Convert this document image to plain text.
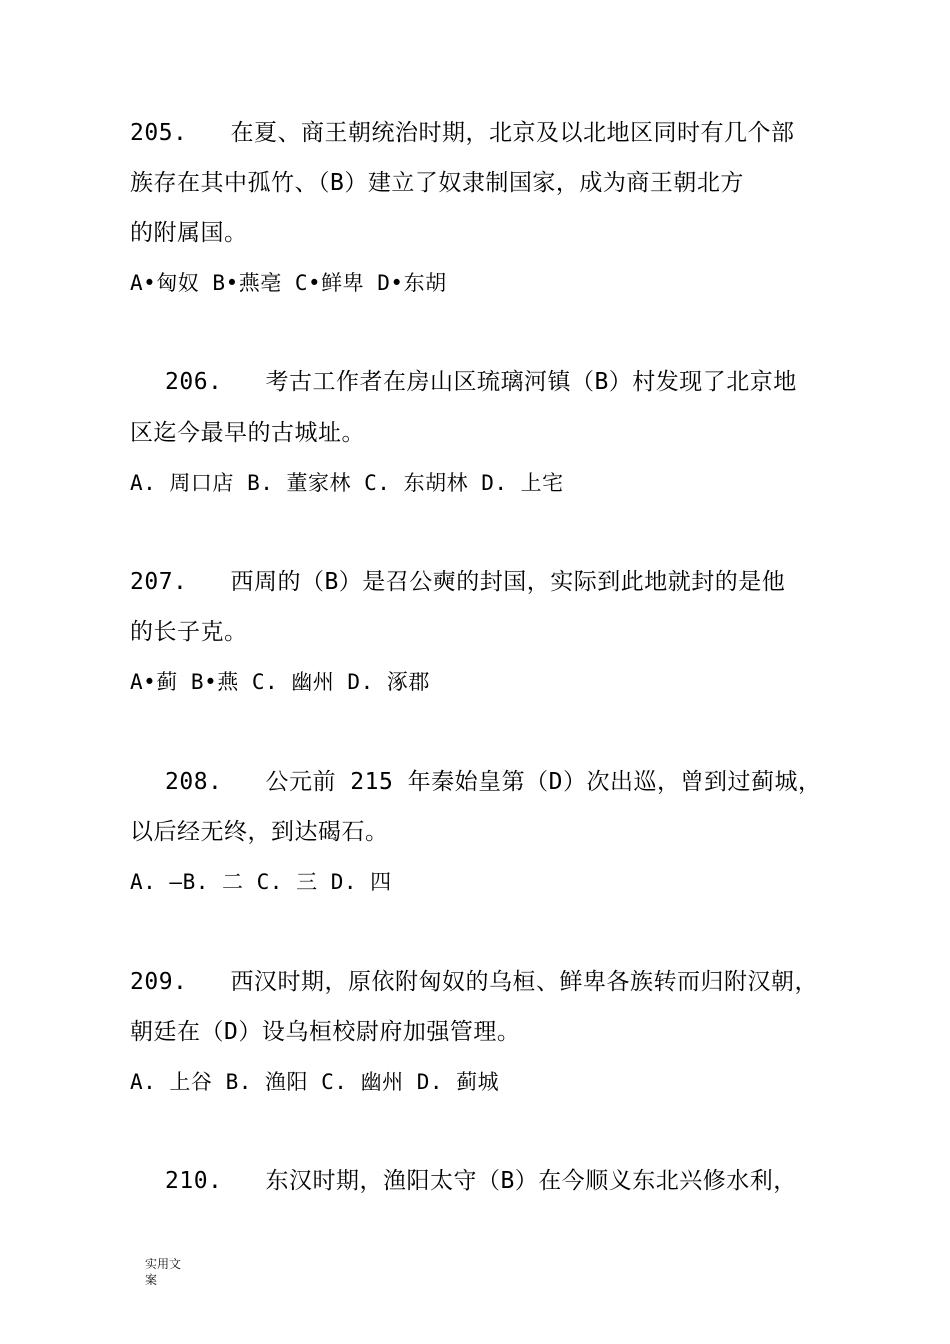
205. 在夏、商王朝统治时期，北京及以北地区同时有几个部
族存在其中孤竹、（B）建立了奴隶制国家，成为商王朝北方
的附属国。
A•匈奴 B•燕亳 C•鲜卑 D•东胡
206. 考古工作者在房山区琉璃河镇（B）村发现了北京地
区迄今最早的古城址。
A. 周口店 B. 董家林 C. 东胡林 D. 上宅
207. 西周的（B）是召公奭的封国，实际到此地就封的是他
的长子克。
A•蓟 B•燕 C. 幽州 D. 涿郡
208. 公元前 215 年秦始皇第（D）次出巡，曾到过蓟城，
以后经无终，到达碣石。
A. —B. 二 C. 三 D. 四
209. 西汉时期，原依附匈奴的乌桓、鲜卑各族转而归附汉朝，
朝廷在（D）设乌桓校尉府加强管理。
A. 上谷 B. 渔阳 C. 幽州 D. 蓟城
210. 东汉时期，渔阳太守（B）在今顺义东北兴修水利，
实用文
案
